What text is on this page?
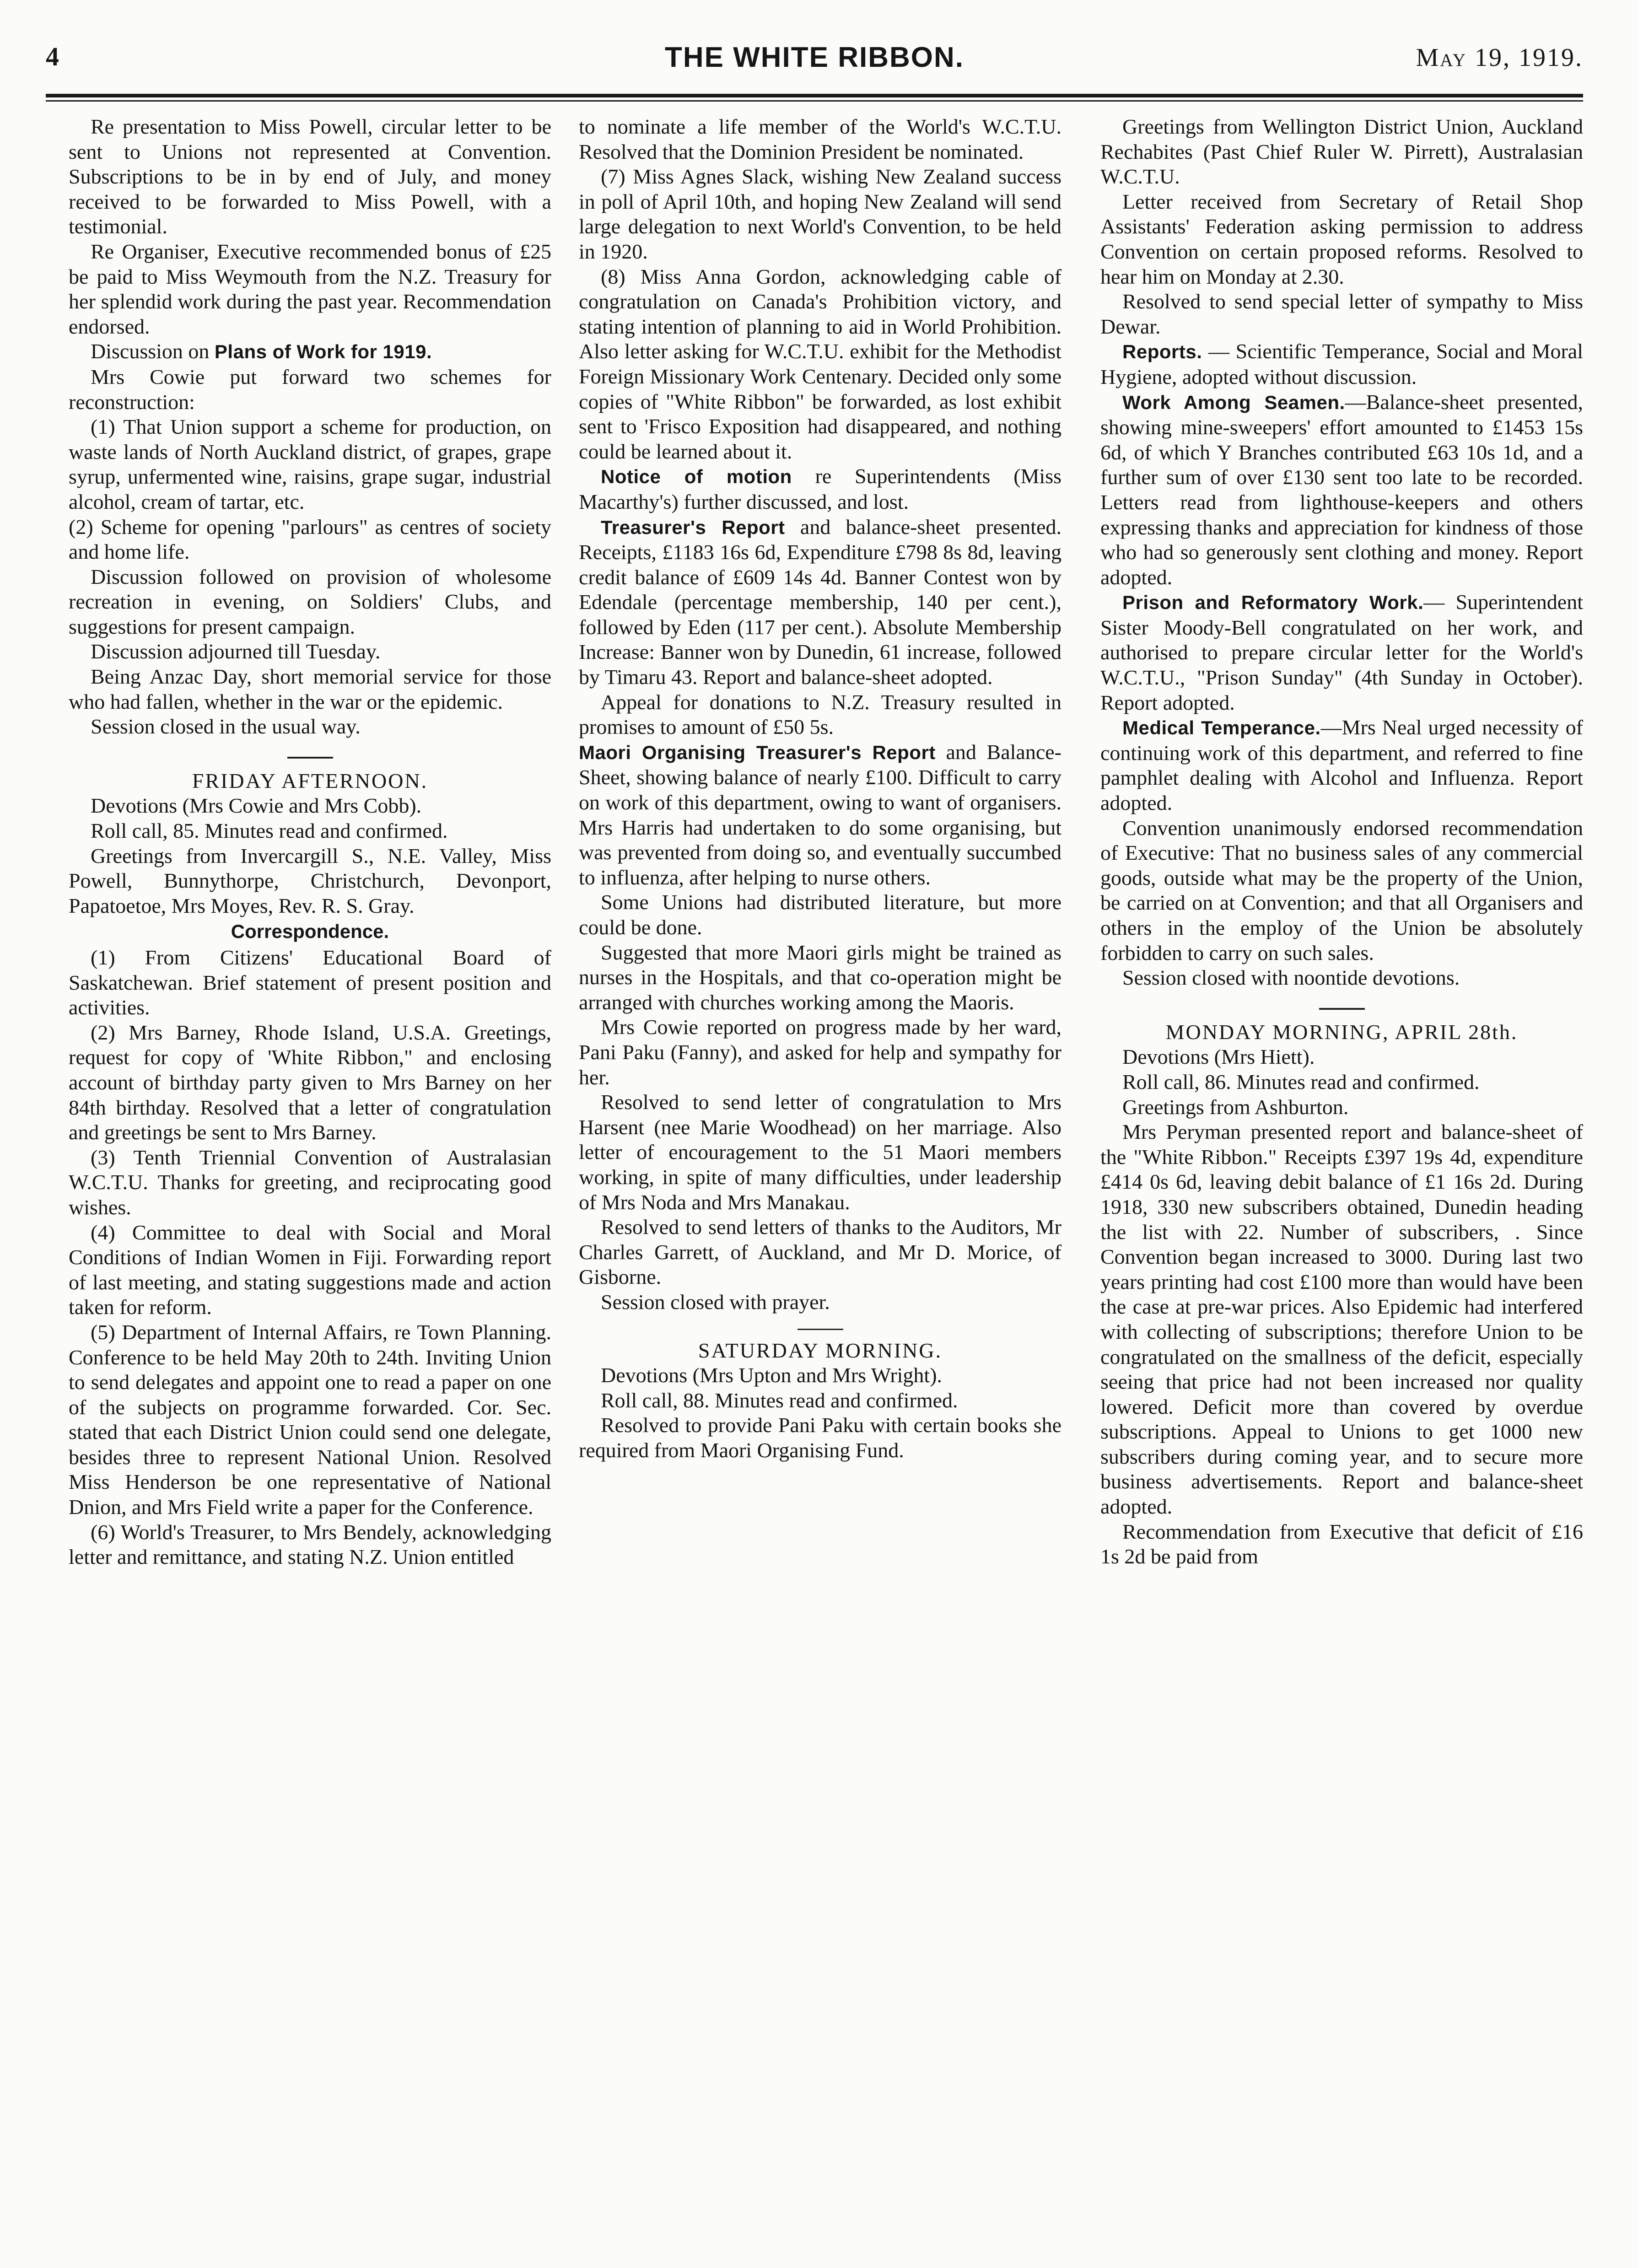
4	THE WHITE RIBBON.	May 19, 1919.

Re presentation to Miss Powell, circular letter to be sent to Unions not represented at Convention. Subscriptions to be in by end of July, and money received to be forwarded to Miss Powell, with a testimonial.

Re Organiser, Executive recommended bonus of £25 be paid to Miss Weymouth from the N.Z. Treasury for her splendid work during the past year. Recommendation endorsed.

Discussion on Plans of Work for 1919.

Mrs Cowie put forward two schemes for reconstruction:

(1) That Union support a scheme for production, on waste lands of North Auckland district, of grapes, grape syrup, unfermented wine, raisins, grape sugar, industrial alcohol, cream of tartar, etc.

(2) Scheme for opening "parlours" as centres of society and home life.

Discussion followed on provision of wholesome recreation in evening, on Soldiers' Clubs, and suggestions for present campaign.

Discussion adjourned till Tuesday.

Being Anzac Day, short memorial service for those who had fallen, whether in the war or the epidemic.

Session closed in the usual way.

FRIDAY AFTERNOON.

Devotions (Mrs Cowie and Mrs Cobb).

Roll call, 85. Minutes read and confirmed.

Greetings from Invercargill S., N.E. Valley, Miss Powell, Bunnythorpe, Christchurch, Devonport, Papatoetoe, Mrs Moyes, Rev. R. S. Gray.

Correspondence.

(1) From Citizens' Educational Board of Saskatchewan. Brief statement of present position and activities.

(2) Mrs Barney, Rhode Island, U.S.A. Greetings, request for copy of 'White Ribbon," and enclosing account of birthday party given to Mrs Barney on her 84th birthday. Resolved that a letter of congratulation and greetings be sent to Mrs Barney.

(3) Tenth Triennial Convention of Australasian W.C.T.U. Thanks for greeting, and reciprocating good wishes.

(4) Committee to deal with Social and Moral Conditions of Indian Women in Fiji. Forwarding report of last meeting, and stating suggestions made and action taken for reform.

(5) Department of Internal Affairs, re Town Planning. Conference to be held May 20th to 24th. Inviting Union to send delegates and appoint one to read a paper on one of the subjects on programme forwarded. Cor. Sec. stated that each District Union could send one delegate, besides three to represent National Union. Resolved Miss Henderson be one representative of National Dnion, and Mrs Field write a paper for the Conference.

(6) World's Treasurer, to Mrs Bendely, acknowledging letter and remittance, and stating N.Z. Union entitled

to nominate a life member of the World's W.C.T.U. Resolved that the Dominion President be nominated.

(7) Miss Agnes Slack, wishing New Zealand success in poll of April 10th, and hoping New Zealand will send large delegation to next World's Convention, to be held in 1920.

(8) Miss Anna Gordon, acknowledging cable of congratulation on Canada's Prohibition victory, and stating intention of planning to aid in World Prohibition. Also letter asking for W.C.T.U. exhibit for the Methodist Foreign Missionary Work Centenary. Decided only some copies of "White Ribbon" be forwarded, as lost exhibit sent to 'Frisco Exposition had disappeared, and nothing could be learned about it.

Notice of motion re Superintendents (Miss Macarthy's) further discussed, and lost.

Treasurer's Report and balance-sheet presented. Receipts, £1183 16s 6d, Expenditure £798 8s 8d, leaving credit balance of £609 14s 4d. Banner Contest won by Edendale (percentage membership, 140 per cent.), followed by Eden (117 per cent.). Absolute Membership Increase: Banner won by Dunedin, 61 increase, followed by Timaru 43. Report and balance-sheet adopted.

Appeal for donations to N.Z. Treasury resulted in promises to amount of £50 5s.

Maori Organising Treasurer's Report and Balance-Sheet, showing balance of nearly £100. Difficult to carry on work of this department, owing to want of organisers. Mrs Harris had undertaken to do some organising, but was prevented from doing so, and eventually succumbed to influenza, after helping to nurse others.

Some Unions had distributed literature, but more could be done.

Suggested that more Maori girls might be trained as nurses in the Hospitals, and that co-operation might be arranged with churches working among the Maoris.

Mrs Cowie reported on progress made by her ward, Pani Paku (Fanny), and asked for help and sympathy for her.

Resolved to send letter of congratulation to Mrs Harsent (nee Marie Woodhead) on her marriage. Also letter of encouragement to the 51 Maori members working, in spite of many difficulties, under leadership of Mrs Noda and Mrs Manakau.

Resolved to send letters of thanks to the Auditors, Mr Charles Garrett, of Auckland, and Mr D. Morice, of Gisborne.

Session closed with prayer.

SATURDAY MORNING.

Devotions (Mrs Upton and Mrs Wright).

Roll call, 88. Minutes read and confirmed.

Resolved to provide Pani Paku with certain books she required from Maori Organising Fund.

Greetings from Wellington District Union, Auckland Rechabites (Past Chief Ruler W. Pirrett), Australasian W.C.T.U.

Letter received from Secretary of Retail Shop Assistants' Federation asking permission to address Convention on certain proposed reforms. Resolved to hear him on Monday at 2.30.

Resolved to send special letter of sympathy to Miss Dewar.

Reports. — Scientific Temperance, Social and Moral Hygiene, adopted without discussion.

Work Among Seamen.—Balance-sheet presented, showing mine-sweepers' effort amounted to £1453 15s 6d, of which Y Branches contributed £63 10s 1d, and a further sum of over £130 sent too late to be recorded. Letters read from lighthouse-keepers and others expressing thanks and appreciation for kindness of those who had so generously sent clothing and money. Report adopted.

Prison and Reformatory Work.— Superintendent Sister Moody-Bell congratulated on her work, and authorised to prepare circular letter for the World's W.C.T.U., "Prison Sunday" (4th Sunday in October). Report adopted.

Medical Temperance.—Mrs Neal urged necessity of continuing work of this department, and referred to fine pamphlet dealing with Alcohol and Influenza. Report adopted.

Convention unanimously endorsed recommendation of Executive: That no business sales of any commercial goods, outside what may be the property of the Union, be carried on at Convention; and that all Organisers and others in the employ of the Union be absolutely forbidden to carry on such sales.

Session closed with noontide devotions.

MONDAY MORNING, APRIL 28th.

Devotions (Mrs Hiett).

Roll call, 86. Minutes read and confirmed.

Greetings from Ashburton.

Mrs Peryman presented report and balance-sheet of the "White Ribbon." Receipts £397 19s 4d, expenditure £414 0s 6d, leaving debit balance of £1 16s 2d. During 1918, 330 new subscribers obtained, Dunedin heading the list with 22. Number of subscribers, . Since Convention began increased to 3000. During last two years printing had cost £100 more than would have been the case at pre-war prices. Also Epidemic had interfered with collecting of subscriptions; therefore Union to be congratulated on the smallness of the deficit, especially seeing that price had not been increased nor quality lowered. Deficit more than covered by overdue subscriptions. Appeal to Unions to get 1000 new subscribers during coming year, and to secure more business advertisements. Report and balance-sheet adopted.

Recommendation from Executive that deficit of £16 1s 2d be paid from
